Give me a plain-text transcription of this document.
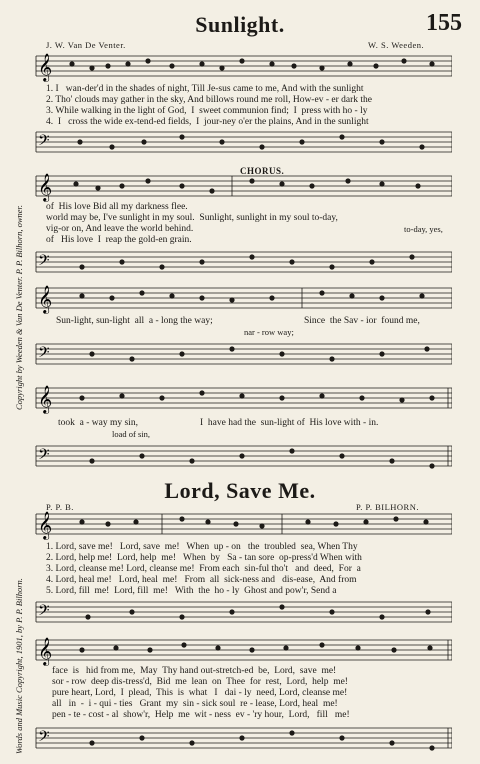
Sunlight.	155
J. W. Van De Venter.	W. S. Weeden.
Copyright by Weeden & Van De Venter. P. P. Bilhorn, owner.
𝄞
1. I   wan-der'd in the shades of night, Till Je-sus came to me, And with the sunlight
2. Tho' clouds may gather in the sky, And billows round me roll, How-ev - er dark the
3. While walking in the light of God,  I  sweet communion find;  I  press with ho - ly
4.  I   cross the wide ex-tend-ed fields,  I  jour-ney o'er the plains, And in the sunlight
𝄢
CHORUS.
𝄞
of  His love Bid all my darkness flee.
world may be, I've sunlight in my soul.  Sunlight, sunlight in my soul to-day,
vig-or on, And leave the world behind.	to-day, yes,
of   His love  I  reap the gold-en grain.
𝄢
𝄞
Sun-light, sun-light  all  a - long the way;	Since  the Sav - ior  found me,
nar - row way;
𝄢
𝄞
took  a - way my sin,	I  have had the  sun-light of  His love with - in.
load of sin,
𝄢
Lord, Save Me.
P. P. B.	P. P. BILHORN.
Words and Music Copyright, 1901, by P. P. Bilhorn.
𝄞
1. Lord, save me!   Lord, save  me!   When  up - on   the  troubled  sea, When Thy
2. Lord, help me!  Lord, help  me!   When  by   Sa - tan sore  op-press'd When with
3. Lord, cleanse me! Lord, cleanse me!  From each  sin-ful tho't   and  deed,  For  a
4. Lord, heal me!   Lord, heal  me!   From  all  sick-ness and   dis-ease,  And from
5. Lord, fill  me!  Lord, fill  me!   With  the  ho - ly  Ghost and pow'r, Send a
𝄢
𝄞
face  is   hid from me,  May  Thy hand out-stretch-ed  be,  Lord,  save  me!
sor - row  deep dis-tress'd,  Bid  me  lean  on  Thee  for  rest,  Lord,  help  me!
pure heart, Lord,  I  plead,  This  is  what   I   dai - ly  need, Lord, cleanse me!
all   in  -  i - qui - ties   Grant  my  sin - sick soul  re - lease, Lord, heal  me!
pen - te - cost - al  show'r,  Help  me  wit - ness  ev - 'ry hour,  Lord,   fill   me!
𝄢
